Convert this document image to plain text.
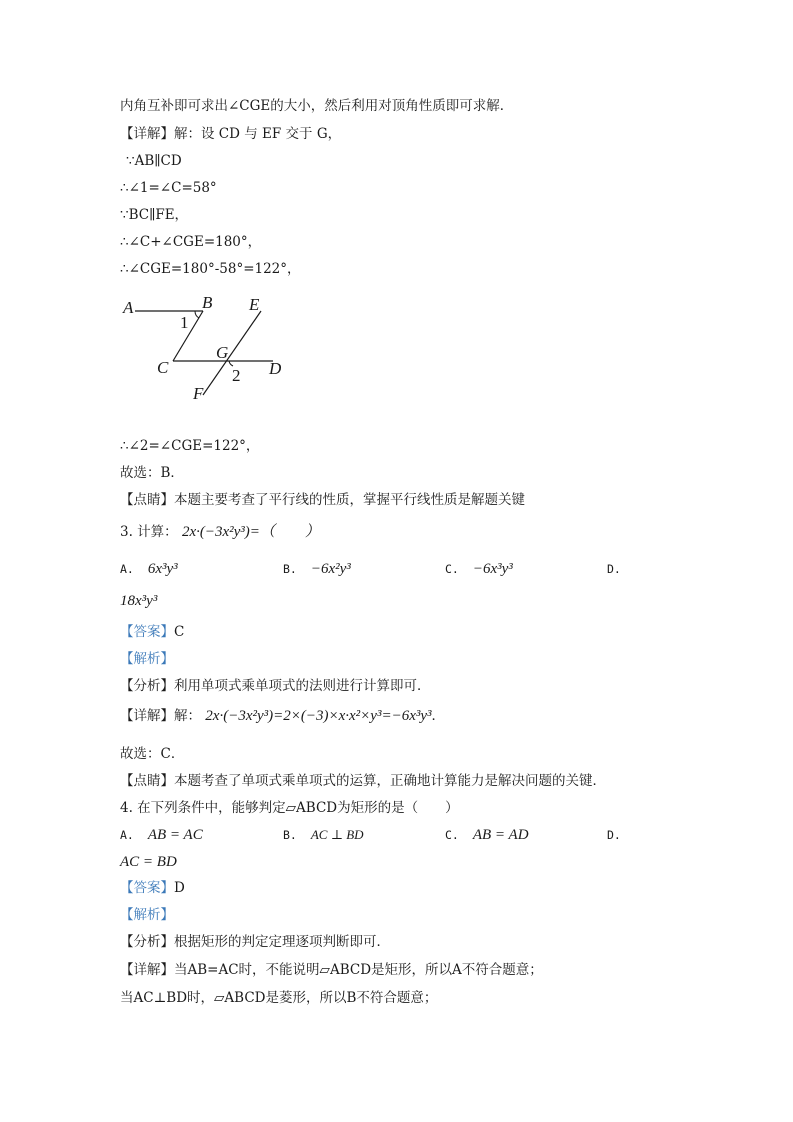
内角互补即可求出∠CGE的大小，然后利用对顶角性质即可求解．
【详解】解：设 CD 与 EF 交于 G，
∵AB∥CD
∴∠1=∠C=58°
∵BC∥FE，
∴∠C+∠CGE=180°，
∴∠CGE=180°-58°=122°，
A	B E
1
G
C	2 D
F
∴∠2=∠CGE=122°，
故选：B．
【点睛】本题主要考查了平行线的性质，掌握平行线性质是解题关键
3. 计算： 2x·(−3x²y³)=（　　）
A. 6x³y³	B. −6x²y³	C. −6x³y³	D.
18x³y³
【答案】C
【解析】
【分析】利用单项式乘单项式的法则进行计算即可．
【详解】解： 2x·(−3x²y³)=2×(−3)×x·x²×y³=−6x³y³．
故选：C．
【点睛】本题考查了单项式乘单项式的运算，正确地计算能力是解决问题的关键．
4. 在下列条件中，能够判定▱ABCD为矩形的是（　　）
A. AB = AC	B. AC ⊥ BD	C. AB = AD	D.
AC = BD
【答案】D
【解析】
【分析】根据矩形的判定定理逐项判断即可．
【详解】当AB=AC时，不能说明▱ABCD是矩形，所以A不符合题意；
当AC⊥BD时，▱ABCD是菱形，所以B不符合题意；
